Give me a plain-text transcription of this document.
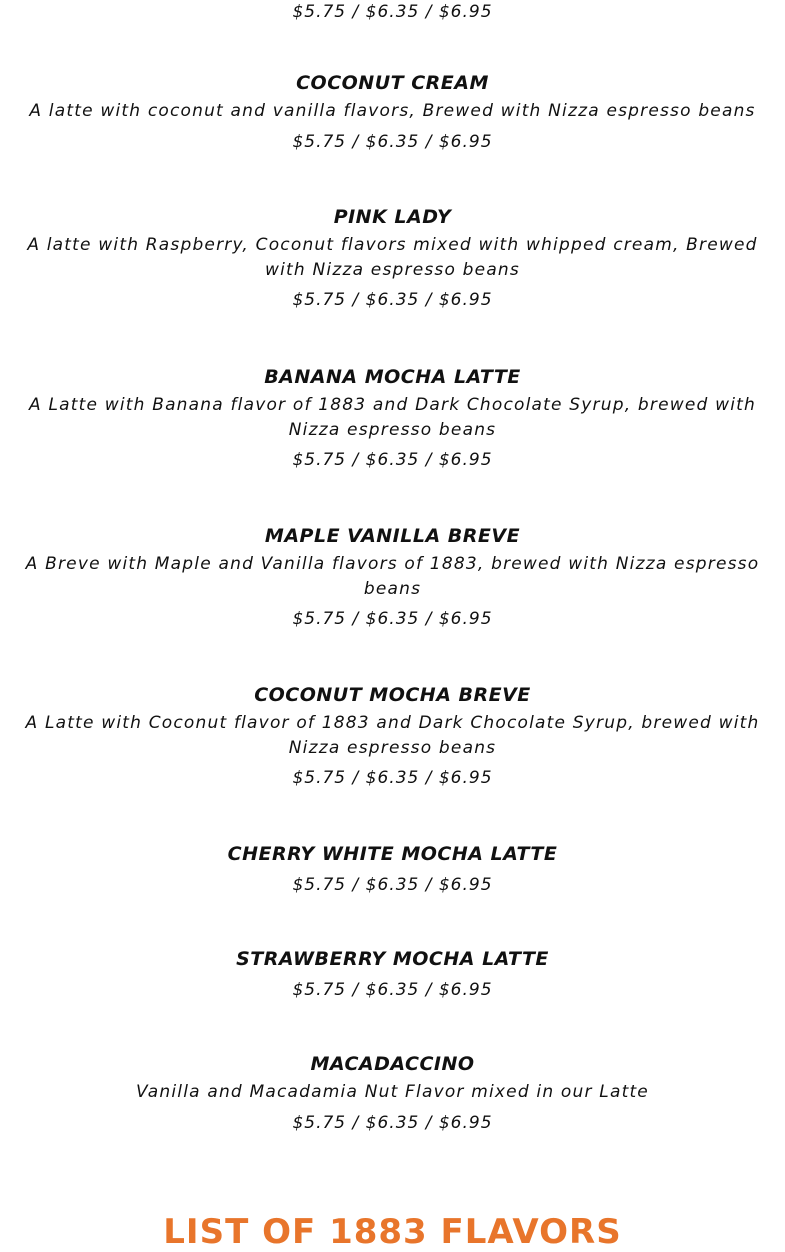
$5.75 / $6.35 / $6.95

COCONUT CREAM

A latte with coconut and vanilla flavors, Brewed with Nizza espresso beans

$5.75 / $6.35 / $6.95

PINK LADY

A latte with Raspberry, Coconut flavors mixed with whipped cream, Brewed with Nizza espresso beans

$5.75 / $6.35 / $6.95

BANANA MOCHA LATTE

A Latte with Banana flavor of 1883 and Dark Chocolate Syrup, brewed with Nizza espresso beans

$5.75 / $6.35 / $6.95

MAPLE VANILLA BREVE

A Breve with Maple and Vanilla flavors of 1883, brewed with Nizza espresso beans

$5.75 / $6.35 / $6.95

COCONUT MOCHA BREVE

A Latte with Coconut flavor of 1883 and Dark Chocolate Syrup, brewed with Nizza espresso beans

$5.75 / $6.35 / $6.95

CHERRY WHITE MOCHA LATTE

$5.75 / $6.35 / $6.95

STRAWBERRY MOCHA LATTE

$5.75 / $6.35 / $6.95

MACADACCINO

Vanilla and Macadamia Nut Flavor mixed in our Latte

$5.75 / $6.35 / $6.95

LIST OF 1883 FLAVORS
